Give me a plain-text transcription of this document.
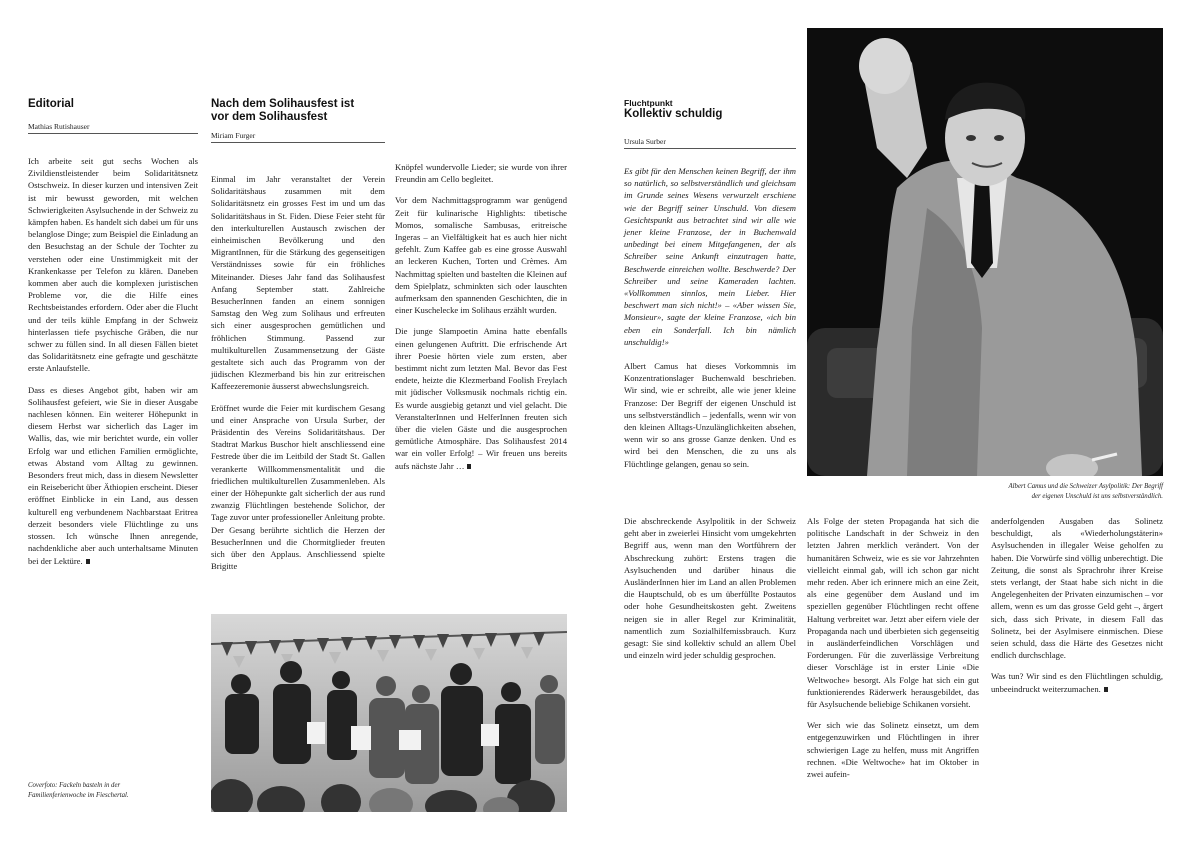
Editorial
Mathias Rutishauser

Ich arbeite seit gut sechs Wochen als Zivildienstleistender beim Solidaritätsnetz Ostschweiz. In dieser kurzen und intensiven Zeit ist mir bewusst geworden, mit welchen Schwierigkeiten Asylsuchende in der Schweiz zu kämpfen haben. Es handelt sich dabei um für uns belanglose Dinge; zum Beispiel die Einladung an den Besuchstag an der Schule der Tochter zu verstehen oder eine Unstimmigkeit mit der Krankenkasse per Telefon zu klären. Daneben kommen aber auch die komplexen juristischen Probleme vor, die die Hilfe eines Rechtsbeistandes erfordern. Oder aber die Flucht und der teils kühle Empfang in der Schweiz hinterlassen tiefe psychische Gräben, die nur schwer zu füllen sind. In all diesen Fällen bietet das Solidaritätsnetz eine gefragte und geschätzte erste Anlaufstelle.

Dass es dieses Angebot gibt, haben wir am Solihausfest gefeiert, wie Sie in dieser Ausgabe nachlesen können. Ein weiterer Höhepunkt in diesem Herbst war sicherlich das Lager im Wallis, das, wie mir berichtet wurde, ein voller Erfolg war und etlichen Familien ermöglichte, etwas Abstand vom Alltag zu gewinnen. Besonders freut mich, dass in diesem Newsletter ein Reisebericht über Äthiopien erscheint. Dieser eröffnet Einblicke in ein Land, aus dessen kulturell eng verbundenem Nachbarstaat Eritrea derzeit besonders viele Flüchtlinge zu uns stossen. Ich wünsche Ihnen anregende, nachdenkliche aber auch unterhaltsame Minuten bei der Lektüre.

Nach dem Solihausfest ist
vor dem Solihausfest
Miriam Furger

Einmal im Jahr veranstaltet der Verein Solidaritätshaus zusammen mit dem Solidaritätsnetz ein grosses Fest im und um das Solidaritätshaus in St. Fiden. Diese Feier steht für den interkulturellen Austausch zwischen der einheimischen Bevölkerung und den MigrantInnen, für die Stärkung des gegenseitigen Verständnisses sowie für ein fröhliches Miteinander. Dieses Jahr fand das Solihausfest Anfang September statt. Zahlreiche BesucherInnen fanden an einem sonnigen Samstag den Weg zum Solihaus und erfreuten sich einer ausgesprochen gemütlichen und fröhlichen Stimmung. Passend zur multikulturellen Zusammensetzung der Gäste gestaltete sich auch das Programm von der jüdischen Klezmerband bis hin zur eritreischen Kaffeezeremonie äusserst abwechslungsreich.

Eröffnet wurde die Feier mit kurdischem Gesang und einer Ansprache von Ursula Surber, der Präsidentin des Vereins Solidaritätshaus. Der Stadtrat Markus Buschor hielt anschliessend eine Festrede über die im Leitbild der Stadt St. Gallen verankerte Willkommensmentalität und die friedlichen multikulturellen Zusammenleben. Als einer der Höhepunkte galt sicherlich der aus rund zwanzig Flüchtlingen bestehende Solichor, der Tage zuvor unter professioneller Anleitung probte. Der Gesang berührte sichtlich die Herzen der BesucherInnen und die Chormitglieder freuten sich über den Applaus. Anschliessend spielte Brigitte

Knöpfel wundervolle Lieder; sie wurde von ihrer Freundin am Cello begleitet.

Vor dem Nachmittagsprogramm war genügend Zeit für kulinarische Highlights: tibetische Momos, somalische Sambusas, eritreische Ingeras – an Vielfältigkeit hat es auch hier nicht gefehlt. Zum Kaffee gab es eine grosse Auswahl an leckeren Kuchen, Torten und Crèmes. Am Nachmittag spielten und bastelten die Kleinen auf dem Spielplatz, schminkten sich oder lauschten aufmerksam den spannenden Geschichten, die in einer Kuschelecke im Solihaus erzählt wurden.

Die junge Slampoetin Amina hatte ebenfalls einen gelungenen Auftritt. Die erfrischende Art ihrer Poesie hörten viele zum ersten, aber bestimmt nicht zum letzten Mal. Bevor das Fest endete, heizte die Klezmerband Foolish Freylach mit jüdischer Volksmusik nochmals richtig ein. Es wurde ausgiebig getanzt und viel gelacht. Die VeranstalterInnen und HelferInnen freuten sich über die vielen Gäste und die ausgesprochen gemütliche Atmosphäre. Das Solihausfest 2014 war ein voller Erfolg! – Wir freuen uns bereits aufs nächste Jahr …

Coverfoto: Fackeln basteln in der Familienferienwoche im Fieschertal.
Fluchtpunkt
Kollektiv schuldig
Ursula Surber

Es gibt für den Menschen keinen Begriff, der ihm so natürlich, so selbstverständlich und gleichsam im Grunde seines Wesens verwurzelt erschiene wie der Begriff seiner Unschuld. Von diesem Gesichtspunkt aus betrachtet sind wir alle wie jener kleine Franzose, der in Buchenwald unbedingt bei einem Mitgefangenen, der als Schreiber seine Ankunft einzutragen hatte, Beschwerde einreichen wollte. Beschwerde? Der Schreiber und seine Kameraden lachten. «Vollkommen sinnlos, mein Lieber. Hier beschwert man sich nicht!» – «Aber wissen Sie, Monsieur», sagte der kleine Franzose, «ich bin eben ein Sonderfall. Ich bin nämlich unschuldig!»

Albert Camus hat dieses Vorkommnis im Konzentrationslager Buchenwald beschrieben. Wir sind, wie er schreibt, alle wie jener kleine Franzose: Der Begriff der eigenen Unschuld ist uns selbstverständlich – jedenfalls, wenn wir von den kleinen Alltags-Unzulänglichkeiten absehen, wenn wir so ans grosse Ganze denken. Und es wird bei den Menschen, die zu uns als Flüchtlinge gelangen, genau so sein.

Albert Camus und die Schweizer Asylpolitik: Der Begriff
der eigenen Unschuld ist uns selbstverständlich.

Die abschreckende Asylpolitik in der Schweiz geht aber in zweierlei Hinsicht vom umgekehrten Begriff aus, wenn man den Wortführern der Abschreckung zuhört: Erstens tragen die Asylsuchenden und darüber hinaus die AusländerInnen hier im Land an allen Problemen die Hauptschuld, ob es um überfüllte Postautos oder hohe Gesundheitskosten geht. Zweitens neigen sie in aller Regel zur Kriminalität, namentlich zum Sozialhilfemissbrauch. Kurz gesagt: Sie sind kollektiv schuld an allem Übel und einzeln wird jeder schuldig gesprochen.

Als Folge der steten Propaganda hat sich die politische Landschaft in der Schweiz in den letzten Jahren merklich verändert. Von der humanitären Schweiz, wie es sie vor Jahrzehnten vielleicht einmal gab, will ich schon gar nicht mehr reden. Aber ich erinnere mich an eine Zeit, als eine gegenüber dem Ausland und im speziellen gegenüber Flüchtlingen recht offene Haltung verbreitet war. Jetzt aber eifern viele der Propaganda nach und überbieten sich gegenseitig in ausländerfeindlichen Vorschlägen und Forderungen. Für die zuverlässige Verbreitung dieser Vorschläge ist in erster Linie «Die Weltwoche» besorgt. Als Folge hat sich ein gut funktionierendes Räderwerk herausgebildet, das für Asylsuchende beliebige Schikanen vorsieht.

Wer sich wie das Solinetz einsetzt, um dem entgegenzuwirken und Flüchtlingen in ihrer schwierigen Lage zu helfen, muss mit Angriffen rechnen. «Die Weltwoche» hat im Oktober in zwei aufein-

anderfolgenden Ausgaben das Solinetz beschuldigt, als «Wiederholungstäterin» Asylsuchenden in illegaler Weise geholfen zu haben. Die Vorwürfe sind völlig unberechtigt. Die Zeitung, die sonst als Sprachrohr ihrer Kreise stets verlangt, der Staat habe sich nicht in die Angelegenheiten der Privaten einzumischen – vor allem, wenn es um das grosse Geld geht –, ärgert sich, dass sich Private, in diesem Fall das Solinetz, bei der Asylmisere einmischen. Diese seien schuld, dass die Härte des Gesetzes nicht endlich durchschlage.

Was tun? Wir sind es den Flüchtlingen schuldig, unbeeindruckt weiterzumachen.
